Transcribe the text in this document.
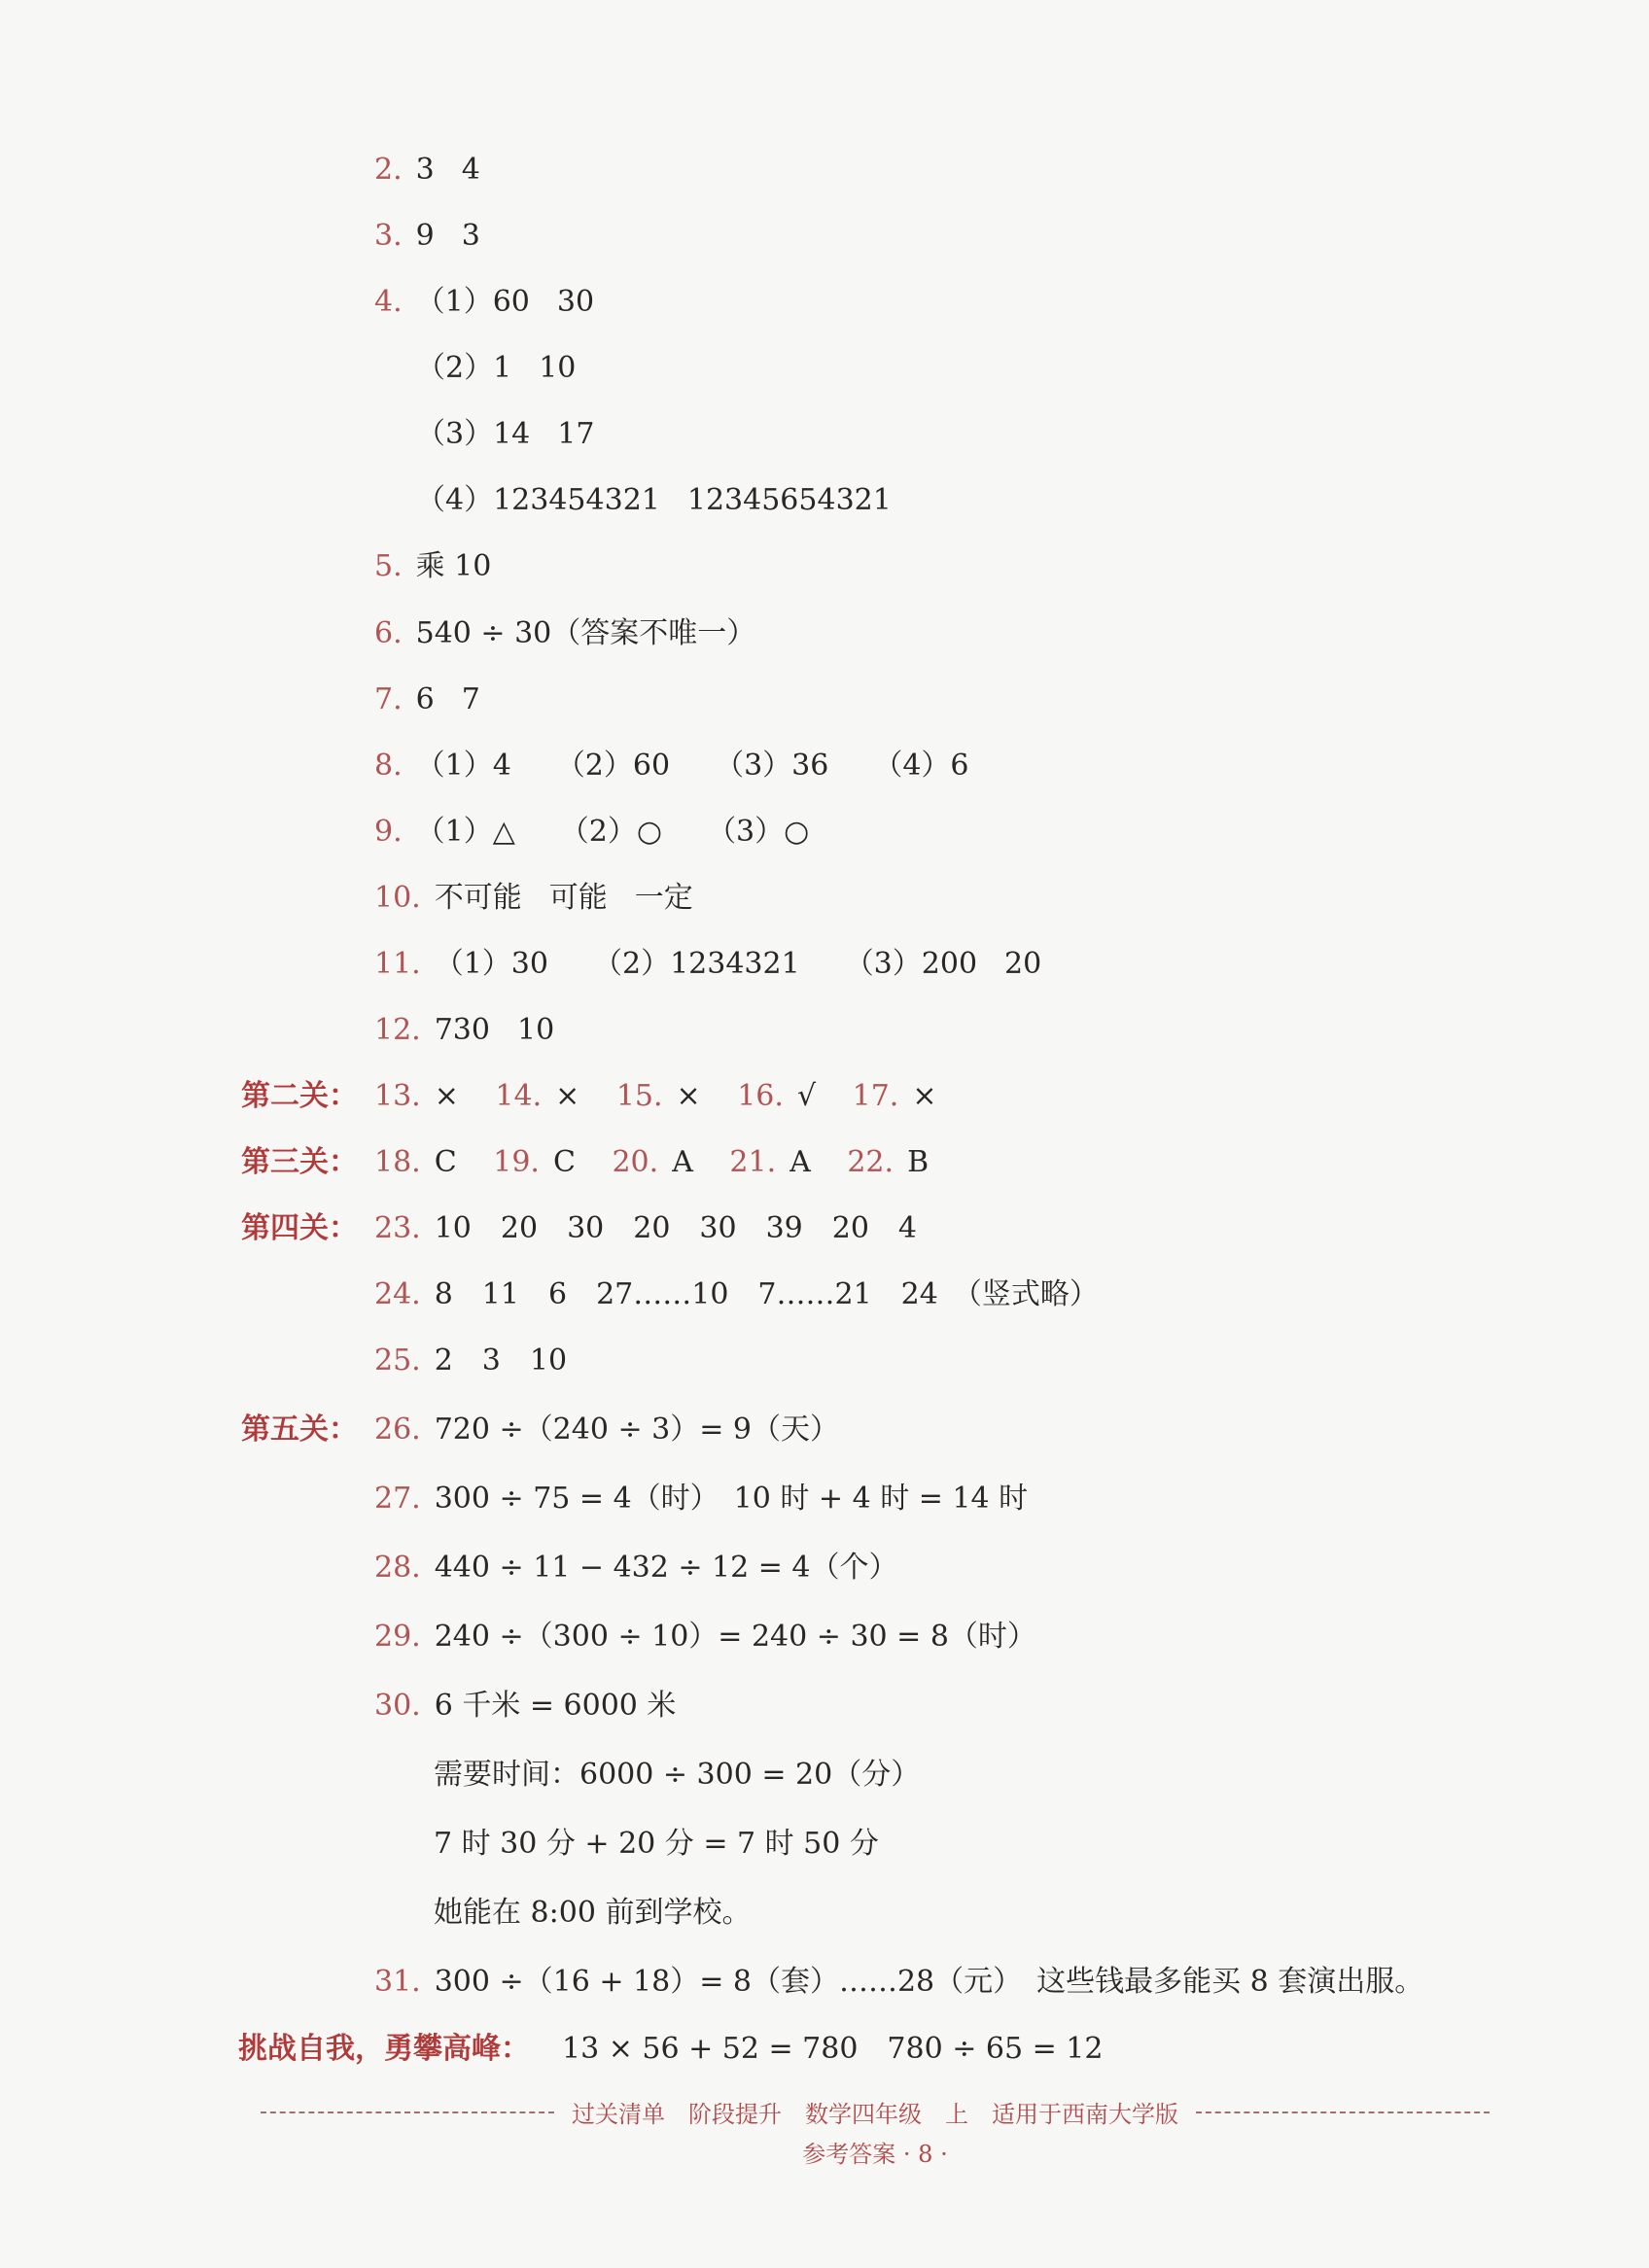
2. 3 4
3. 9 3
4. （1）60 30
（2）1 10
（3）14 17
（4）123454321 12345654321
5. 乘 10
6. 540 ÷ 30（答案不唯一）
7. 6 7
8. （1）4 （2）60 （3）36 （4）6
9. （1）△ （2）○ （3）○
10. 不可能 可能 一定
11. （1）30 （2）1234321 （3）200 20
12. 730 10
第二关： 13. × 14. × 15. × 16. √ 17. ×
第三关： 18. C 19. C 20. A 21. A 22. B
第四关： 23. 10　20　30　20　30　39　20　4
24. 8　11　6　27……10　7……21　24　（竖式略）
25. 2　3　10
第五关： 26. 720 ÷（240 ÷ 3）= 9（天）
27. 300 ÷ 75 = 4（时）　10 时 + 4 时 = 14 时
28. 440 ÷ 11 − 432 ÷ 12 = 4（个）
29. 240 ÷（300 ÷ 10）= 240 ÷ 30 = 8（时）
30. 6 千米 = 6000 米
需要时间：6000 ÷ 300 = 20（分）
7 时 30 分 + 20 分 = 7 时 50 分
她能在 8:00 前到学校。
31. 300 ÷（16 + 18）= 8（套）……28（元）　这些钱最多能买 8 套演出服。
挑战自我，勇攀高峰： 13 × 56 + 52 = 780　780 ÷ 65 = 12
过关清单　阶段提升　数学四年级　上　适用于西南大学版
参考答案 · 8 ·
